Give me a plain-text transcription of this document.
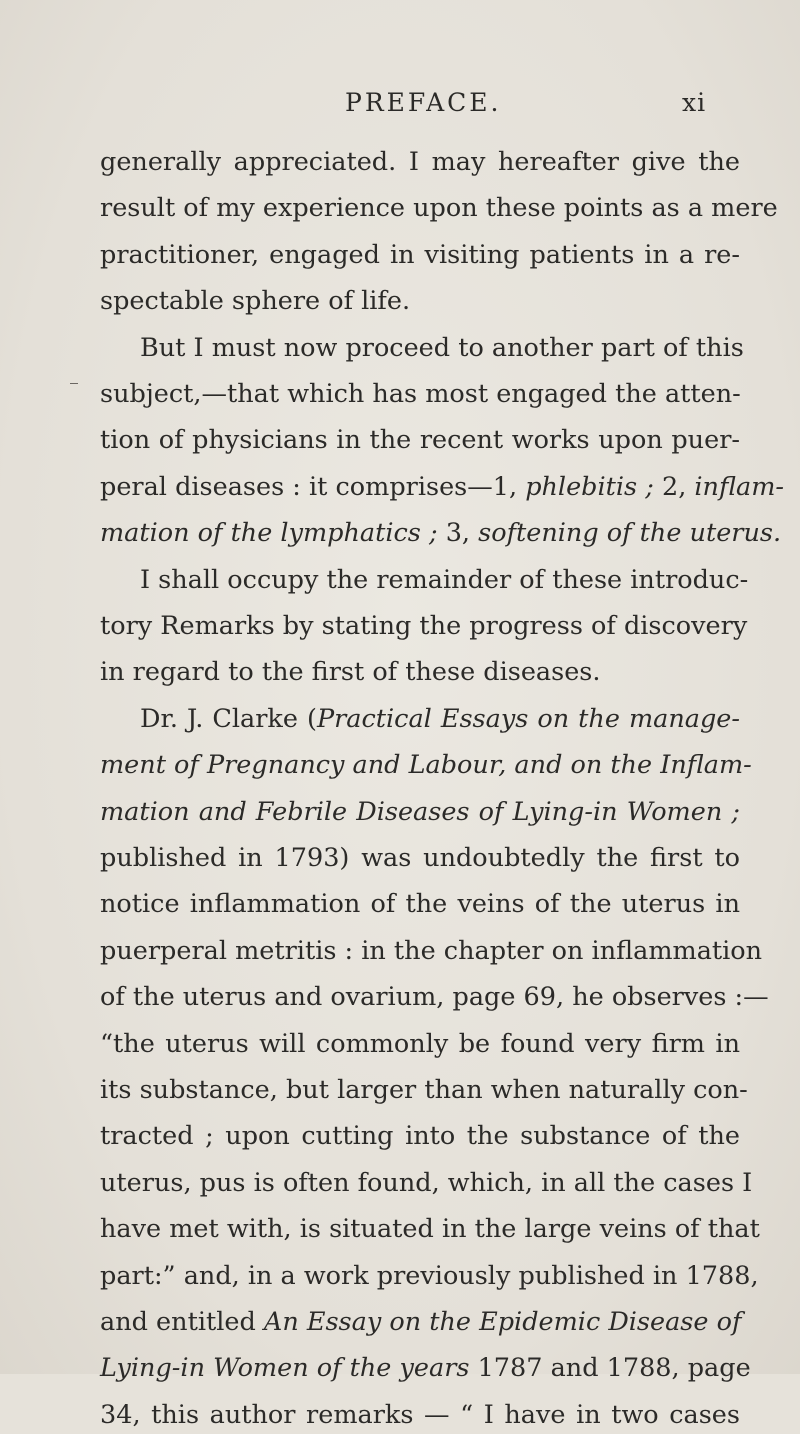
PREFACE.	xi
generally appreciated. I may hereafter give the
result of my experience upon these points as a mere
practitioner, engaged in visiting patients in a re-
spectable sphere of life.
But I must now proceed to another part of this
subject,—that which has most engaged the atten-
tion of physicians in the recent works upon puer-
peral diseases : it comprises—1, phlebitis ; 2, inflam-
mation of the lymphatics ; 3, softening of the uterus.
I shall occupy the remainder of these introduc-
tory Remarks by stating the progress of discovery
in regard to the first of these diseases.
Dr. J. Clarke (Practical Essays on the manage-
ment of Pregnancy and Labour, and on the Inflam-
mation and Febrile Diseases of Lying-in Women ;
published in 1793) was undoubtedly the first to
notice inflammation of the veins of the uterus in
puerperal metritis : in the chapter on inflammation
of the uterus and ovarium, page 69, he observes :—
“the uterus will commonly be found very firm in
its substance, but larger than when naturally con-
tracted ; upon cutting into the substance of the
uterus, pus is often found, which, in all the cases I
have met with, is situated in the large veins of that
part:” and, in a work previously published in 1788,
and entitled An Essay on the Epidemic Disease of
Lying-in Women of the years 1787 and 1788, page
34, this author remarks — “ I have in two cases
